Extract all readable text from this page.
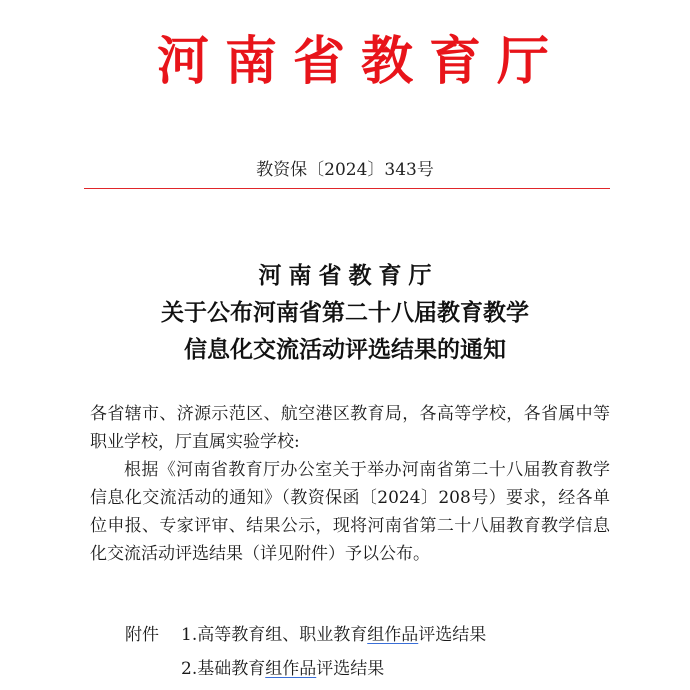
河南省教育厅
教资保〔2024〕343号
河南省教育厅
关于公布河南省第二十八届教育教学
信息化交流活动评选结果的通知

各省辖市、济源示范区、航空港区教育局，各高等学校，各省属中等职业学校，厅直属实验学校:

根据《河南省教育厅办公室关于举办河南省第二十八届教育教学信息化交流活动的通知》（教资保函〔2024〕208号）要求，经各单位申报、专家评审、结果公示，现将河南省第二十八届教育教学信息化交流活动评选结果（详见附件）予以公布。

附件 1.高等教育组、职业教育组作品评选结果
2.基础教育组作品评选结果
